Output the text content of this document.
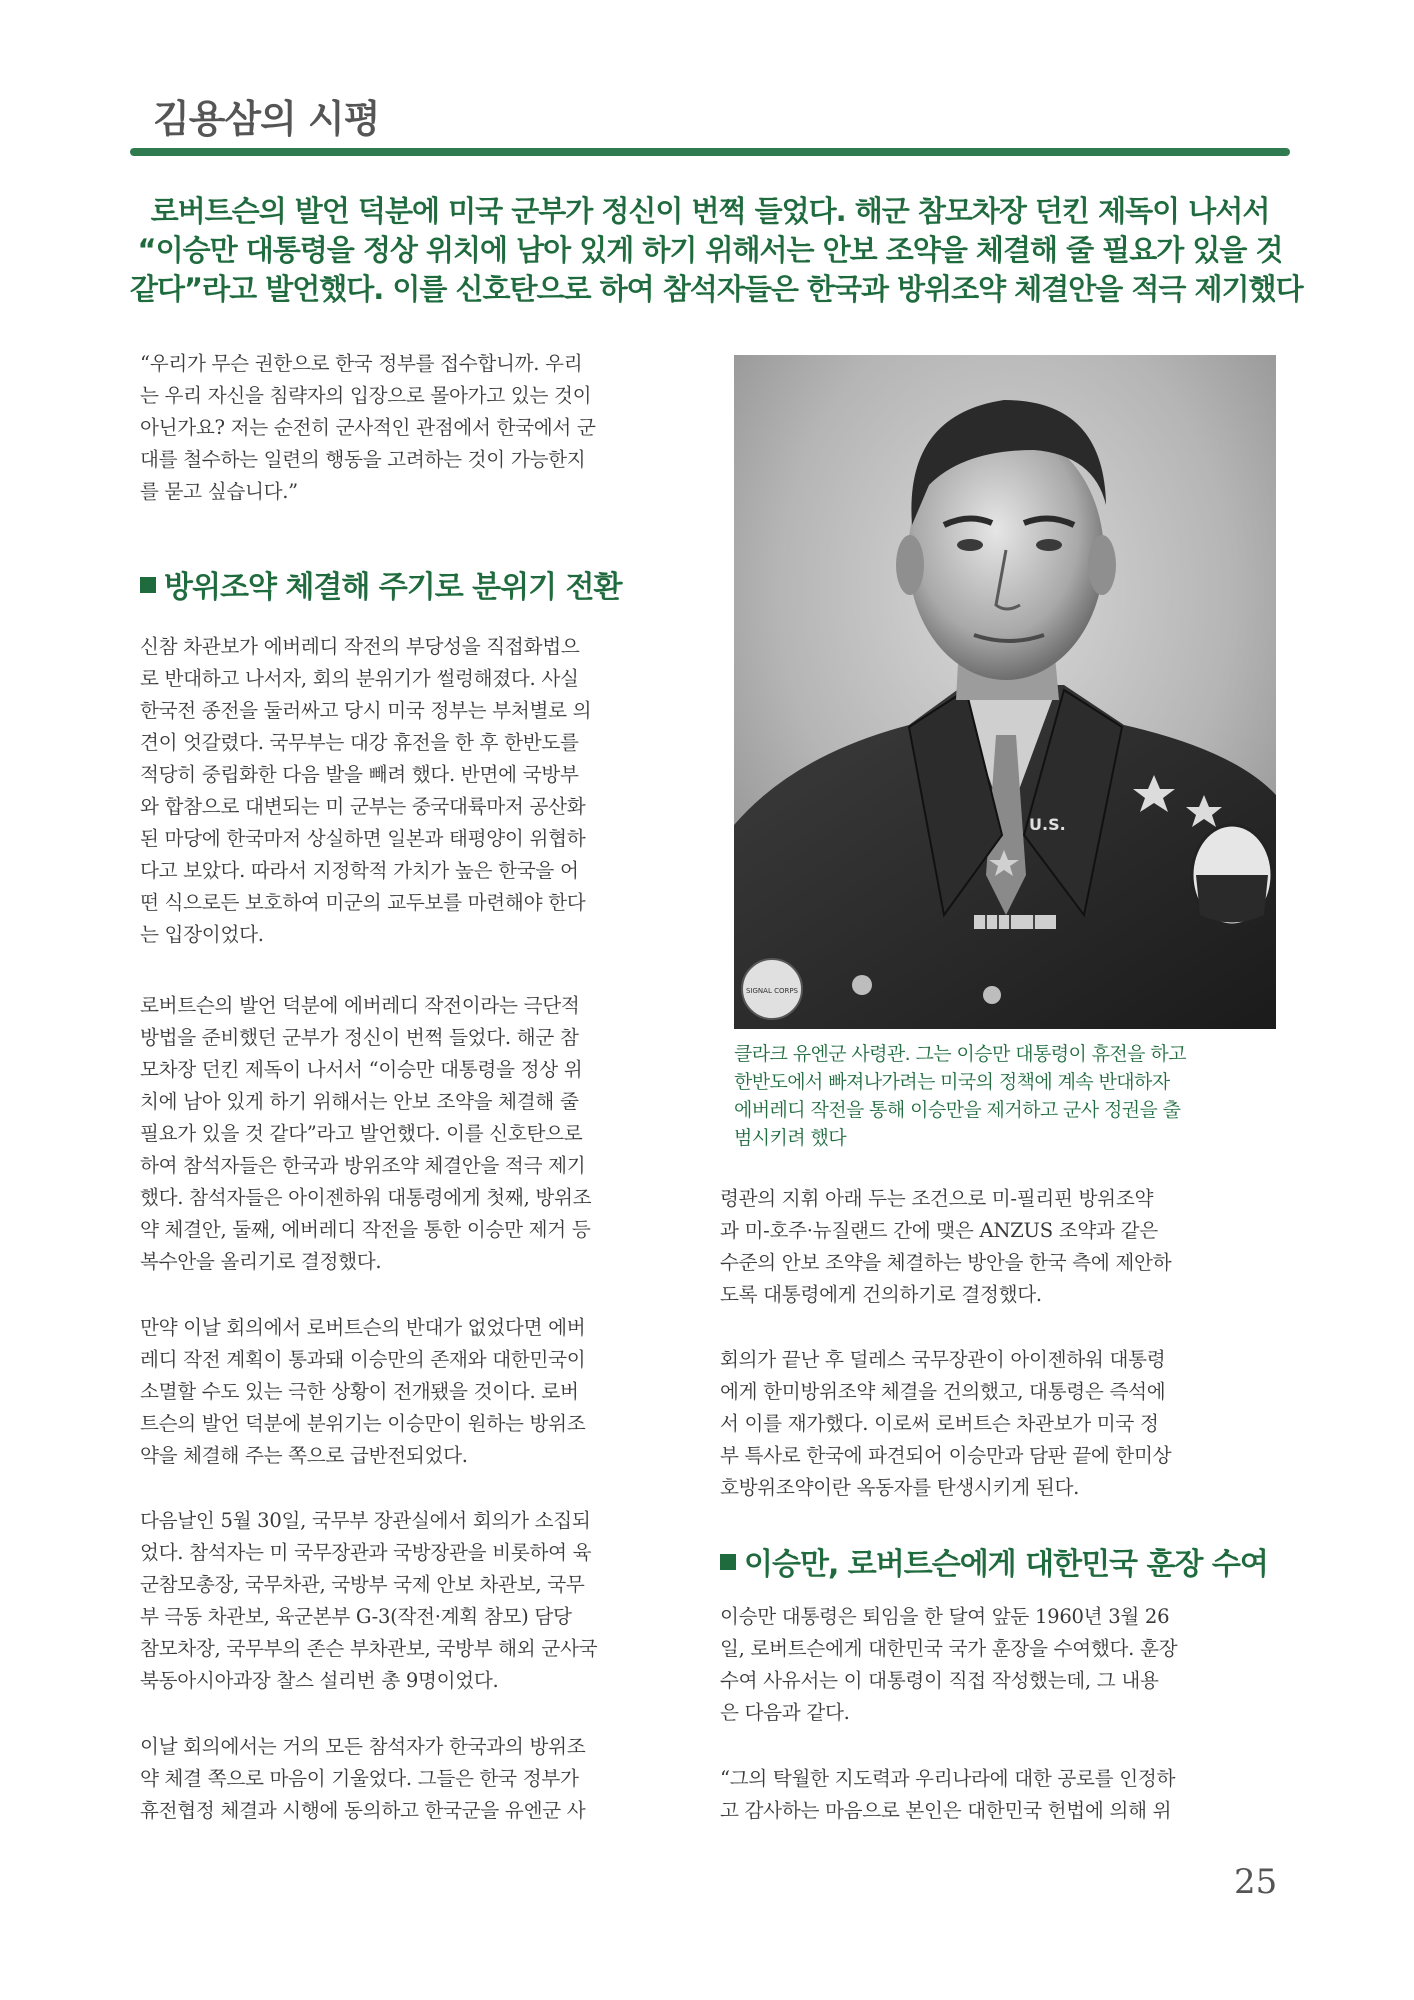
김용삼의 시평
로버트슨의 발언 덕분에 미국 군부가 정신이 번쩍 들었다. 해군 참모차장 던킨 제독이 나서서
“이승만 대통령을 정상 위치에 남아 있게 하기 위해서는 안보 조약을 체결해 줄 필요가 있을 것
같다”라고 발언했다. 이를 신호탄으로 하여 참석자들은 한국과 방위조약 체결안을 적극 제기했다
“우리가 무슨 권한으로 한국 정부를 접수합니까. 우리
는 우리 자신을 침략자의 입장으로 몰아가고 있는 것이
아닌가요? 저는 순전히 군사적인 관점에서 한국에서 군
대를 철수하는 일련의 행동을 고려하는 것이 가능한지
를 묻고 싶습니다.”
방위조약 체결해 주기로 분위기 전환
신참 차관보가 에버레디 작전의 부당성을 직접화법으
로 반대하고 나서자, 회의 분위기가 썰렁해졌다. 사실
한국전 종전을 둘러싸고 당시 미국 정부는 부처별로 의
견이 엇갈렸다. 국무부는 대강 휴전을 한 후 한반도를
적당히 중립화한 다음 발을 빼려 했다. 반면에 국방부
와 합참으로 대변되는 미 군부는 중국대륙마저 공산화
된 마당에 한국마저 상실하면 일본과 태평양이 위협하
다고 보았다. 따라서 지정학적 가치가 높은 한국을 어
떤 식으로든 보호하여 미군의 교두보를 마련해야 한다
는 입장이었다.
로버트슨의 발언 덕분에 에버레디 작전이라는 극단적
방법을 준비했던 군부가 정신이 번쩍 들었다. 해군 참
모차장 던킨 제독이 나서서 “이승만 대통령을 정상 위
치에 남아 있게 하기 위해서는 안보 조약을 체결해 줄
필요가 있을 것 같다”라고 발언했다. 이를 신호탄으로
하여 참석자들은 한국과 방위조약 체결안을 적극 제기
했다. 참석자들은 아이젠하워 대통령에게 첫째, 방위조
약 체결안, 둘째, 에버레디 작전을 통한 이승만 제거 등
복수안을 올리기로 결정했다.
만약 이날 회의에서 로버트슨의 반대가 없었다면 에버
레디 작전 계획이 통과돼 이승만의 존재와 대한민국이
소멸할 수도 있는 극한 상황이 전개됐을 것이다. 로버
트슨의 발언 덕분에 분위기는 이승만이 원하는 방위조
약을 체결해 주는 쪽으로 급반전되었다.
다음날인 5월 30일, 국무부 장관실에서 회의가 소집되
었다. 참석자는 미 국무장관과 국방장관을 비롯하여 육
군참모총장, 국무차관, 국방부 국제 안보 차관보, 국무
부 극동 차관보, 육군본부 G-3(작전·계획 참모) 담당
참모차장, 국무부의 존슨 부차관보, 국방부 해외 군사국
북동아시아과장 찰스 설리번 총 9명이었다.
이날 회의에서는 거의 모든 참석자가 한국과의 방위조
약 체결 쪽으로 마음이 기울었다. 그들은 한국 정부가
휴전협정 체결과 시행에 동의하고 한국군을 유엔군 사
U.S.
SIGNAL CORPS
클라크 유엔군 사령관. 그는 이승만 대통령이 휴전을 하고
한반도에서 빠져나가려는 미국의 정책에 계속 반대하자
에버레디 작전을 통해 이승만을 제거하고 군사 정권을 출
범시키려 했다
령관의 지휘 아래 두는 조건으로 미-필리핀 방위조약
과 미-호주·뉴질랜드 간에 맺은 ANZUS 조약과 같은
수준의 안보 조약을 체결하는 방안을 한국 측에 제안하
도록 대통령에게 건의하기로 결정했다.
회의가 끝난 후 덜레스 국무장관이 아이젠하워 대통령
에게 한미방위조약 체결을 건의했고, 대통령은 즉석에
서 이를 재가했다. 이로써 로버트슨 차관보가 미국 정
부 특사로 한국에 파견되어 이승만과 담판 끝에 한미상
호방위조약이란 옥동자를 탄생시키게 된다.
이승만, 로버트슨에게 대한민국 훈장 수여
이승만 대통령은 퇴임을 한 달여 앞둔 1960년 3월 26
일, 로버트슨에게 대한민국 국가 훈장을 수여했다. 훈장
수여 사유서는 이 대통령이 직접 작성했는데, 그 내용
은 다음과 같다.
“그의 탁월한 지도력과 우리나라에 대한 공로를 인정하
고 감사하는 마음으로 본인은 대한민국 헌법에 의해 위
25
